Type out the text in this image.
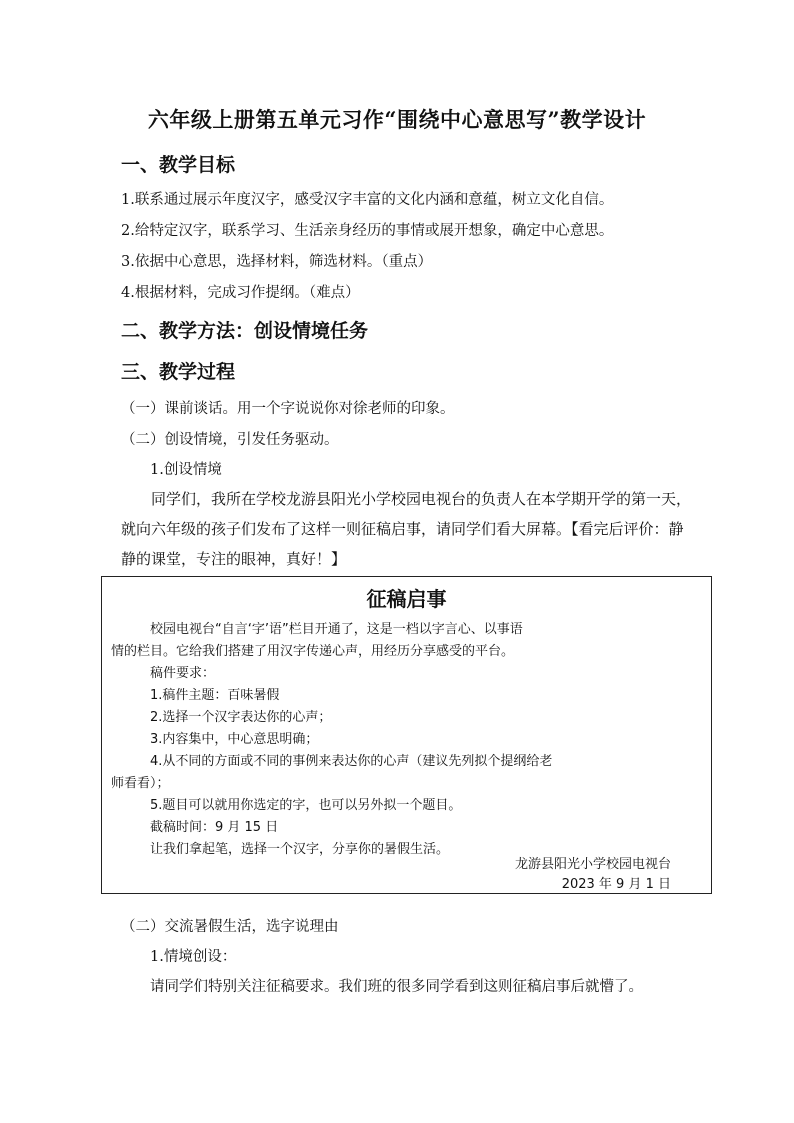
六年级上册第五单元习作“围绕中心意思写”教学设计
一、教学目标
1.联系通过展示年度汉字，感受汉字丰富的文化内涵和意蕴，树立文化自信。
2.给特定汉字，联系学习、生活亲身经历的事情或展开想象，确定中心意思。
3.依据中心意思，选择材料，筛选材料。（重点）
4.根据材料，完成习作提纲。（难点）
二、教学方法：创设情境任务
三、教学过程
（一）课前谈话。用一个字说说你对徐老师的印象。
（二）创设情境，引发任务驱动。
1.创设情境
同学们，我所在学校龙游县阳光小学校园电视台的负责人在本学期开学的第一天，就向六年级的孩子们发布了这样一则征稿启事，请同学们看大屏幕。【看完后评价：静静的课堂，专注的眼神，真好！】
征稿启事
校园电视台“自言‘字’语”栏目开通了，这是一档以字言心、以事语
情的栏目。它给我们搭建了用汉字传递心声，用经历分享感受的平台。
稿件要求：
1.稿件主题：百味暑假
2.选择一个汉字表达你的心声；
3.内容集中，中心意思明确；
4.从不同的方面或不同的事例来表达你的心声（建议先列拟个提纲给老
师看看）；
5.题目可以就用你选定的字，也可以另外拟一个题目。
截稿时间：9 月 15 日
让我们拿起笔，选择一个汉字，分享你的暑假生活。
龙游县阳光小学校园电视台
2023 年 9 月 1 日
（二）交流暑假生活，选字说理由
1.情境创设：
请同学们特别关注征稿要求。我们班的很多同学看到这则征稿启事后就懵了。
